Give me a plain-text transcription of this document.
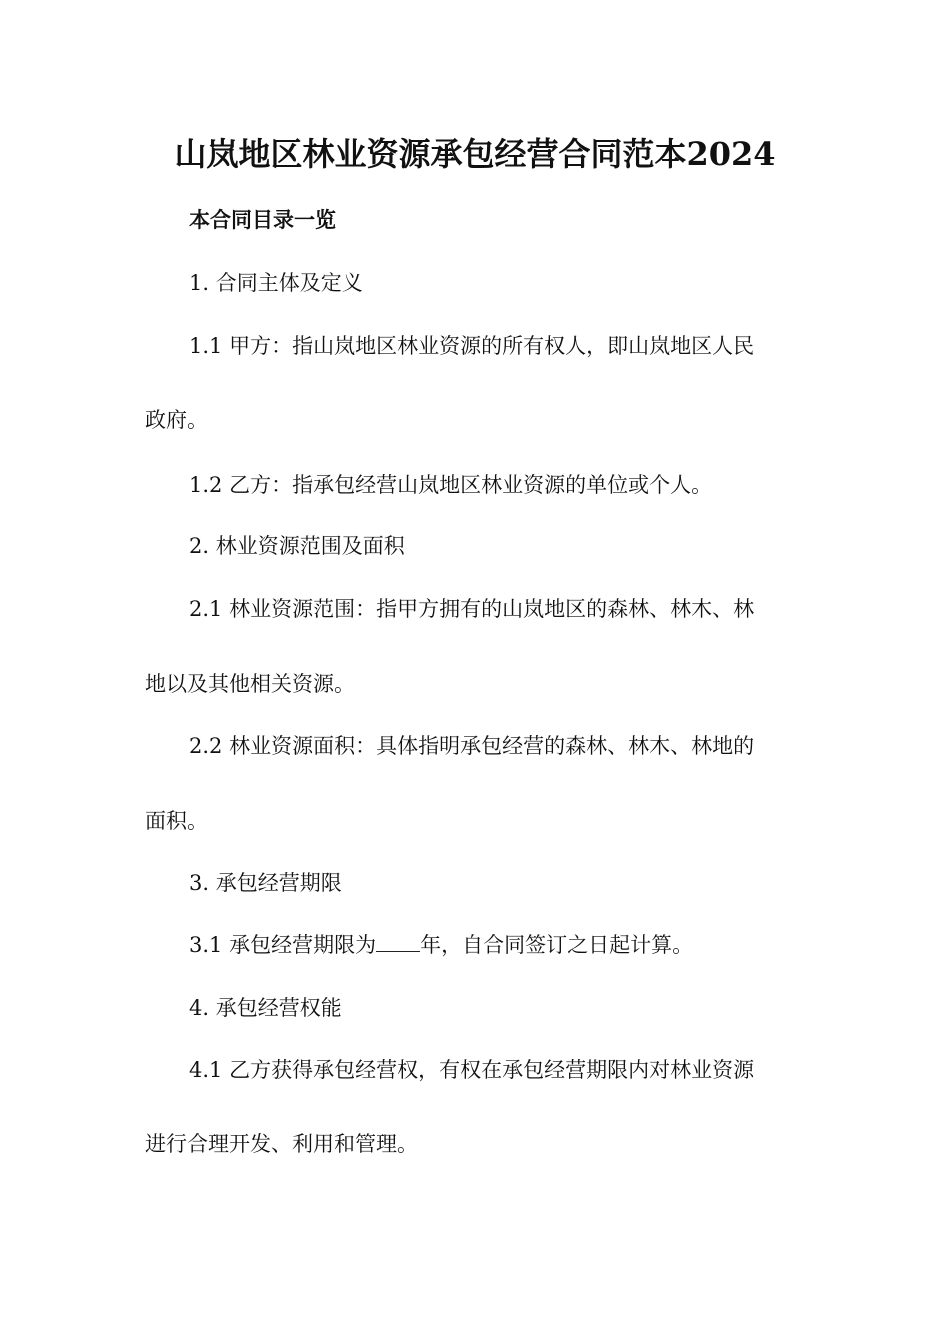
山岚地区林业资源承包经营合同范本2024
本合同目录一览
1. 合同主体及定义
1.1 甲方：指山岚地区林业资源的所有权人，即山岚地区人民
政府。
1.2 乙方：指承包经营山岚地区林业资源的单位或个人。
2. 林业资源范围及面积
2.1 林业资源范围：指甲方拥有的山岚地区的森林、林木、林
地以及其他相关资源。
2.2 林业资源面积：具体指明承包经营的森林、林木、林地的
面积。
3. 承包经营期限
3.1 承包经营期限为 年，自合同签订之日起计算。
4. 承包经营权能
4.1 乙方获得承包经营权，有权在承包经营期限内对林业资源
进行合理开发、利用和管理。
